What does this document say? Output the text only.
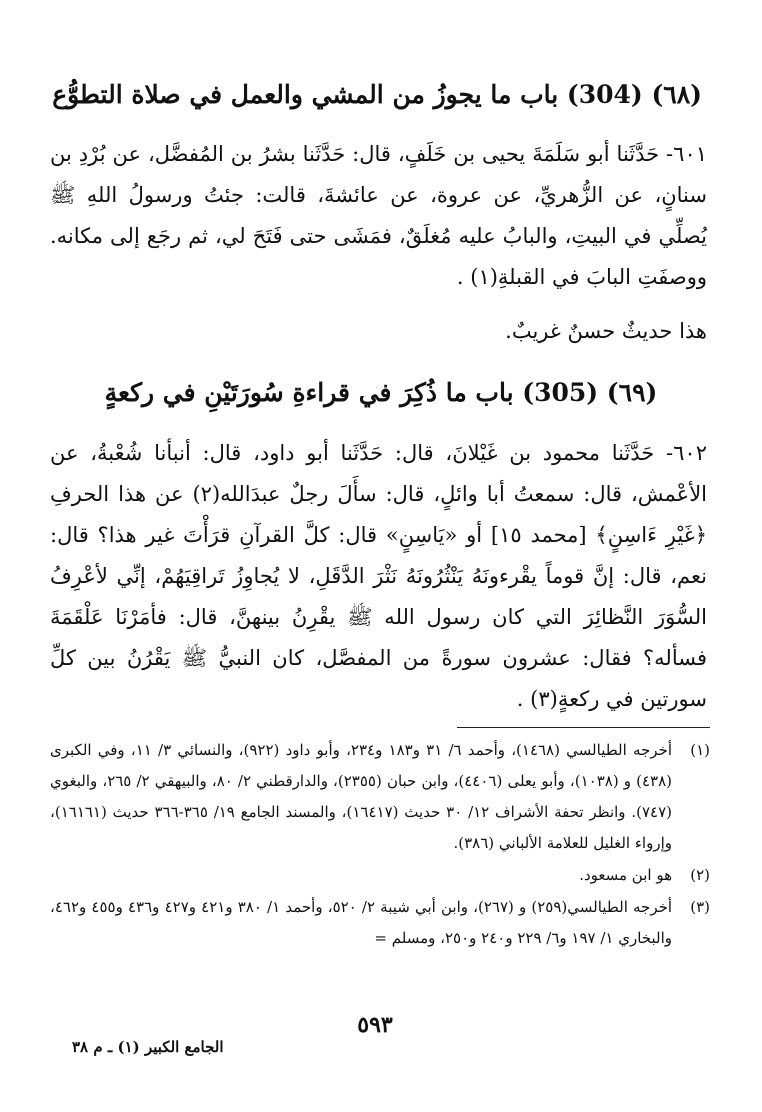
(٦٨) (304) باب ما يجوزُ من المشي والعمل في صلاة التطوُّع
٦٠١- حَدَّثَنا أبو سَلَمَةَ يحيى بن خَلَفٍ، قال: حَدَّثَنا بشرُ بن المُفضَّل، عن بُرْدِ بن سنانٍ، عن الزُّهريِّ، عن عروة، عن عائشةَ، قالت: جئتُ ورسولُ اللهِ ﷺ يُصلِّي في البيتِ، والبابُ عليه مُغلَقٌ، فمَشَى حتى فَتَحَ لي، ثم رجَع إلى مكانه. ووصفَتِ البابَ في القبلةِ(١) .
هذا حديثٌ حسنٌ غريبٌ.
(٦٩) (305) باب ما ذُكِرَ في قراءةِ سُورَتَيْنِ في ركعةٍ
٦٠٢- حَدَّثَنا محمود بن غَيْلانَ، قال: حَدَّثَنا أبو داود، قال: أنبأنا شُعْبةُ، عن الأعْمش، قال: سمعتُ أبا وائلٍ، قال: سأَلَ رجلٌ عبدَالله(٢) عن هذا الحرفِ ﴿غَيْرِ ءَاسِنٍ﴾ [محمد ١٥] أو «يَاسِنٍ» قال: كلَّ القرآنِ قرَأْتَ غير هذا؟ قال: نعم، قال: إنَّ قوماً يقْرءونَهُ يَنْثُرُونَهُ نَثْرَ الدَّقَلِ، لا يُجاوِزُ تَراقِيَهُمْ، إنِّي لأعْرِفُ السُّوَرَ النَّظائِرَ التي كان رسول الله ﷺ يقْرِنُ بينهنَّ، قال: فأمَرْنَا عَلْقَمَةَ فسأله؟ فقال: عشرون سورةً من المفصَّل، كان النبيُّ ﷺ يَقْرُنُ بين كلِّ سورتين في ركعةٍ(٣) .
(١)
أخرجه الطيالسي (١٤٦٨)، وأحمد ٦/ ٣١ و١٨٣ و٢٣٤، وأبو داود (٩٢٢)، والنسائي ٣/ ١١، وفي الكبرى (٤٣٨) و (١٠٣٨)، وأبو يعلى (٤٤٠٦)، وابن حبان (٢٣٥٥)، والدارقطني ٢/ ٨٠، والبيهقي ٢/ ٢٦٥، والبغوي (٧٤٧). وانظر تحفة الأشراف ١٢/ ٣٠ حديث (١٦٤١٧)، والمسند الجامع ١٩/ ٣٦٥-٣٦٦ حديث (١٦١٦١)، وإرواء الغليل للعلامة الألباني (٣٨٦).
(٢)
هو ابن مسعود.
(٣)
أخرجه الطيالسي(٢٥٩) و (٢٦٧)، وابن أبي شيبة ٢/ ٥٢٠، وأحمد ١/ ٣٨٠ و٤٢١ و٤٢٧ و٤٣٦ و٤٥٥ و٤٦٢، والبخاري ١/ ١٩٧ و٦/ ٢٢٩ و٢٤٠ و٢٥٠، ومسلم =
٥٩٣
الجامع الكبير (١) ـ م ٣٨
